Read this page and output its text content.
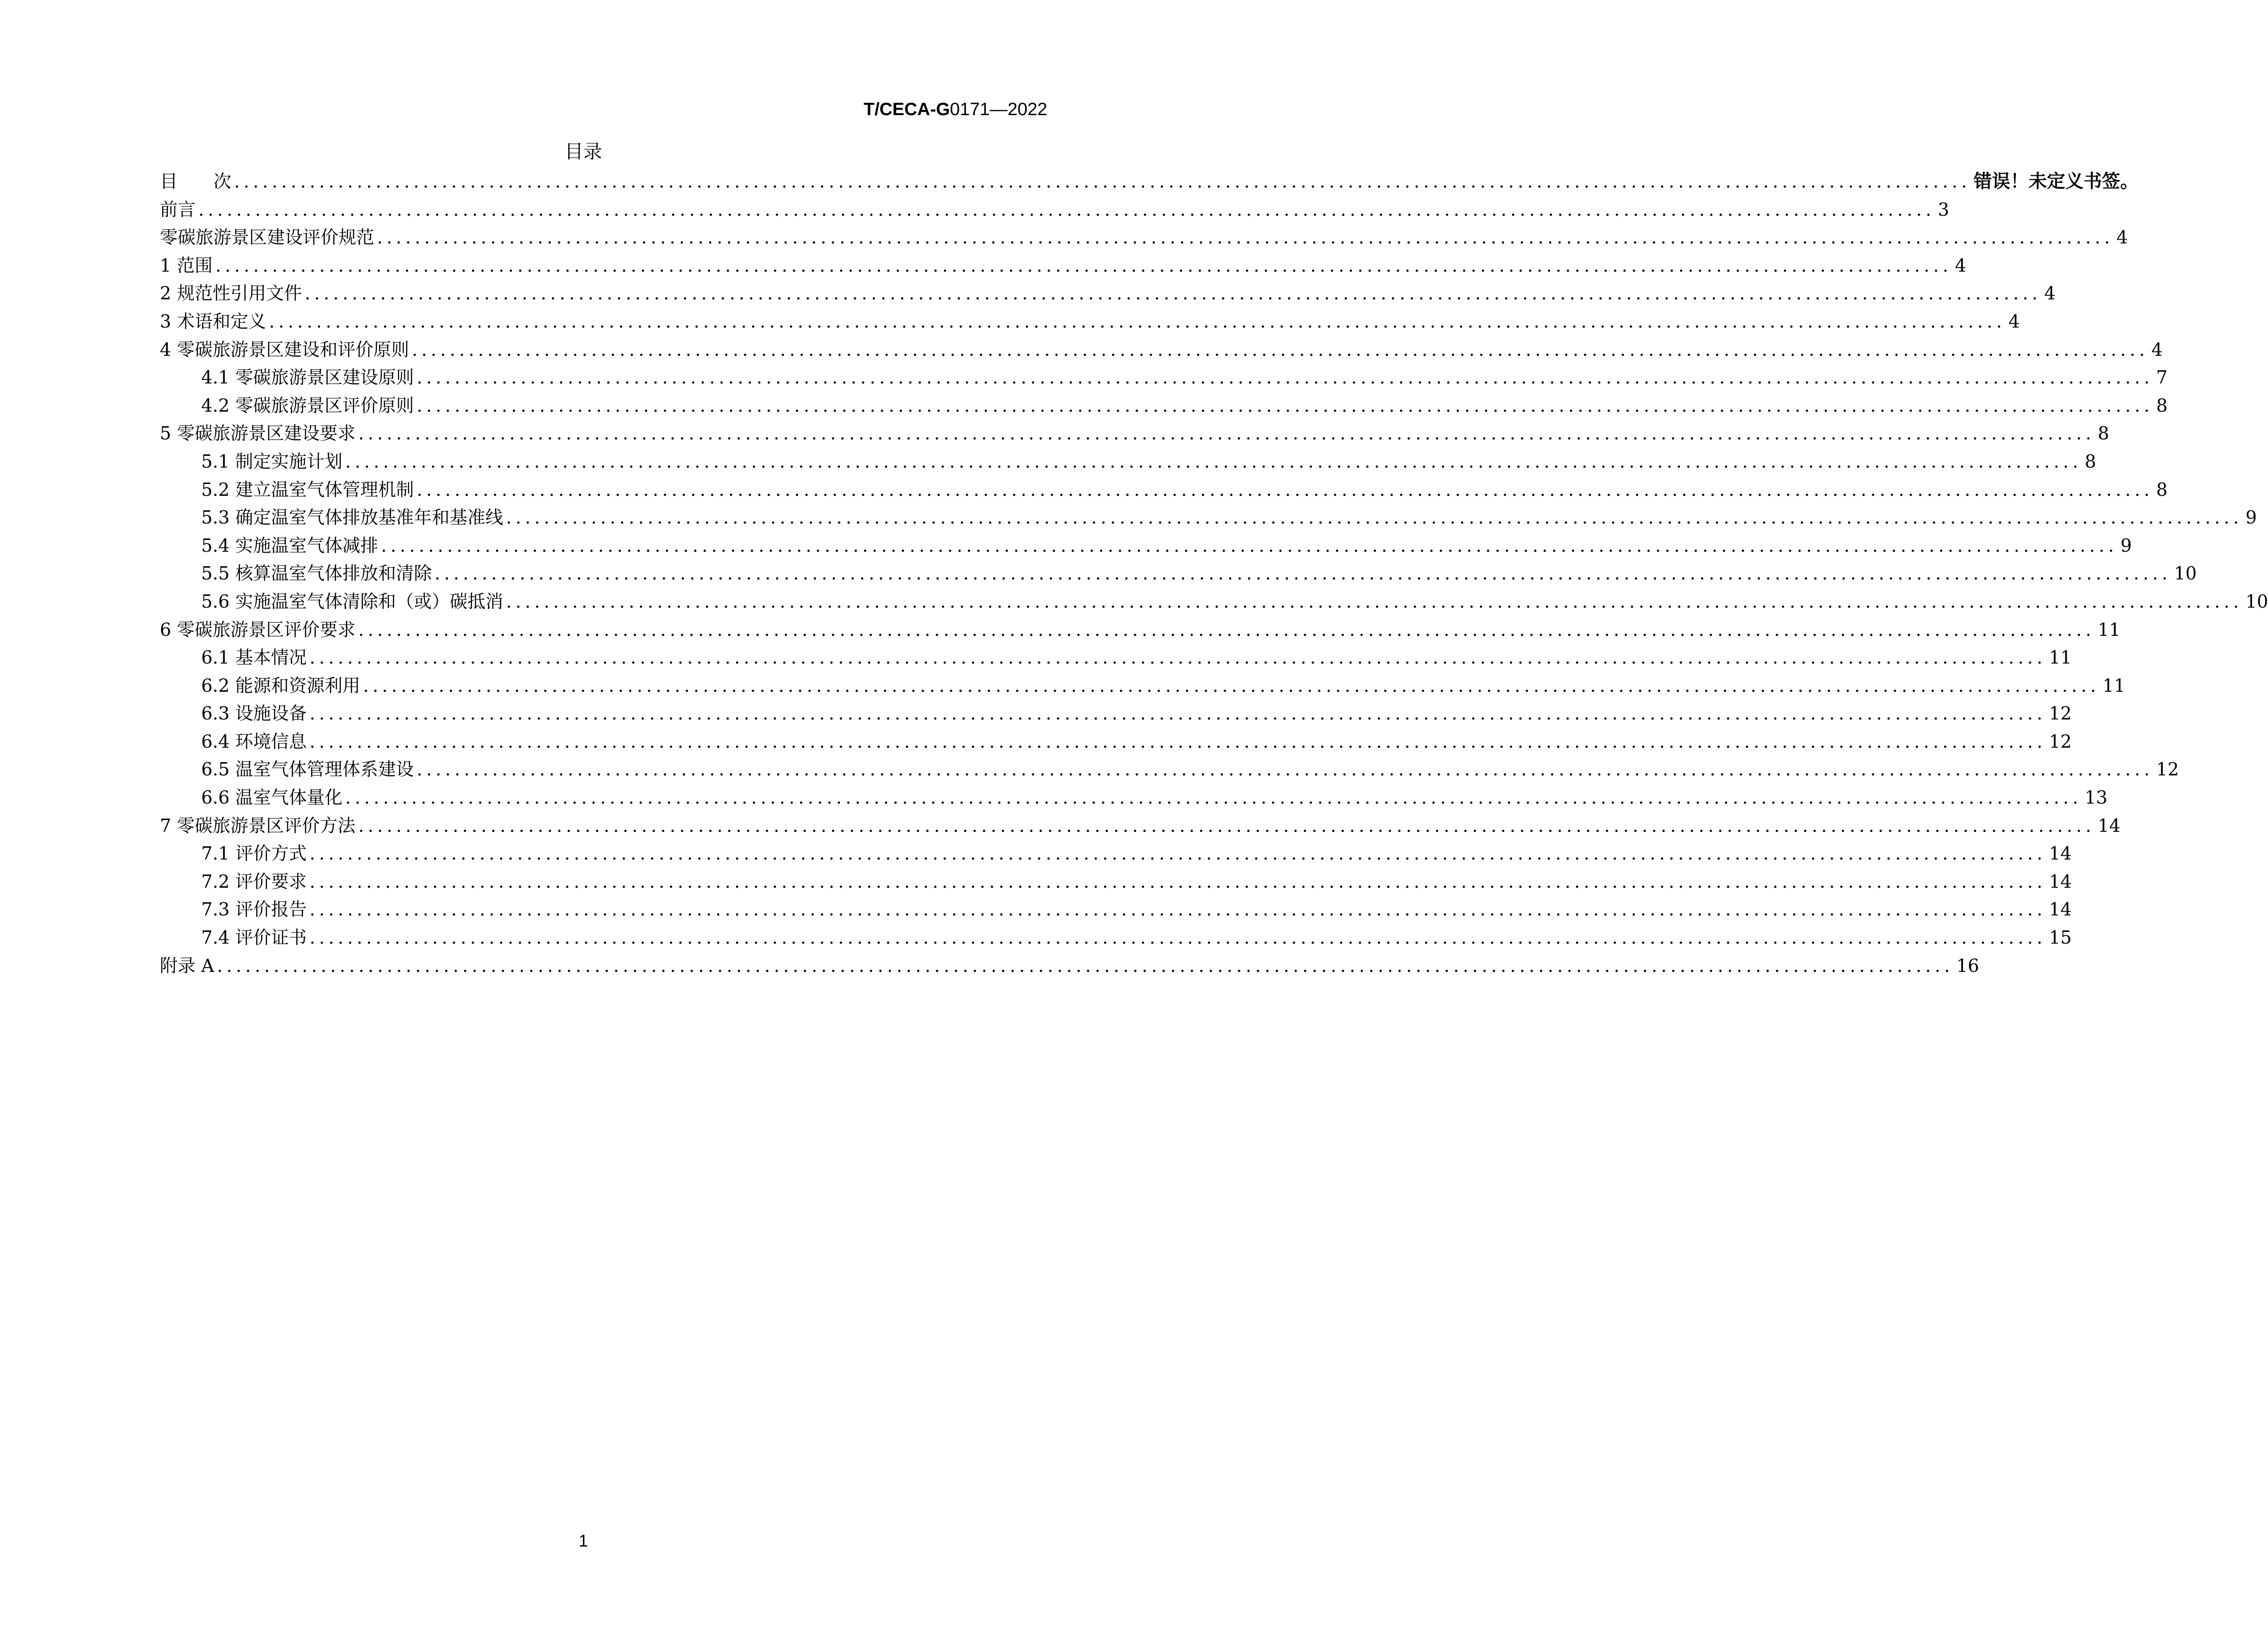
T/CECA-G0171—2022
目录
目　　次 ........................................................................................................................................................................................ 错误！未定义书签。
前言 ........................................................................................................................................................................................ 3
零碳旅游景区建设评价规范 ........................................................................................................................................................................................ 4
1 范围 ........................................................................................................................................................................................ 4
2 规范性引用文件 ........................................................................................................................................................................................ 4
3 术语和定义 ........................................................................................................................................................................................ 4
4 零碳旅游景区建设和评价原则 ........................................................................................................................................................................................ 4
4.1 零碳旅游景区建设原则 ........................................................................................................................................................................................ 7
4.2 零碳旅游景区评价原则 ........................................................................................................................................................................................ 8
5 零碳旅游景区建设要求 ........................................................................................................................................................................................ 8
5.1 制定实施计划 ........................................................................................................................................................................................ 8
5.2 建立温室气体管理机制 ........................................................................................................................................................................................ 8
5.3 确定温室气体排放基准年和基准线 ........................................................................................................................................................................................ 9
5.4 实施温室气体减排 ........................................................................................................................................................................................ 9
5.5 核算温室气体排放和清除 ........................................................................................................................................................................................ 10
5.6 实施温室气体清除和（或）碳抵消 ........................................................................................................................................................................................ 10
6 零碳旅游景区评价要求 ........................................................................................................................................................................................ 11
6.1 基本情况 ........................................................................................................................................................................................ 11
6.2 能源和资源利用 ........................................................................................................................................................................................ 11
6.3 设施设备 ........................................................................................................................................................................................ 12
6.4 环境信息 ........................................................................................................................................................................................ 12
6.5 温室气体管理体系建设 ........................................................................................................................................................................................ 12
6.6 温室气体量化 ........................................................................................................................................................................................ 13
7 零碳旅游景区评价方法 ........................................................................................................................................................................................ 14
7.1 评价方式 ........................................................................................................................................................................................ 14
7.2 评价要求 ........................................................................................................................................................................................ 14
7.3 评价报告 ........................................................................................................................................................................................ 14
7.4 评价证书 ........................................................................................................................................................................................ 15
附录 A ........................................................................................................................................................................................ 16
1
